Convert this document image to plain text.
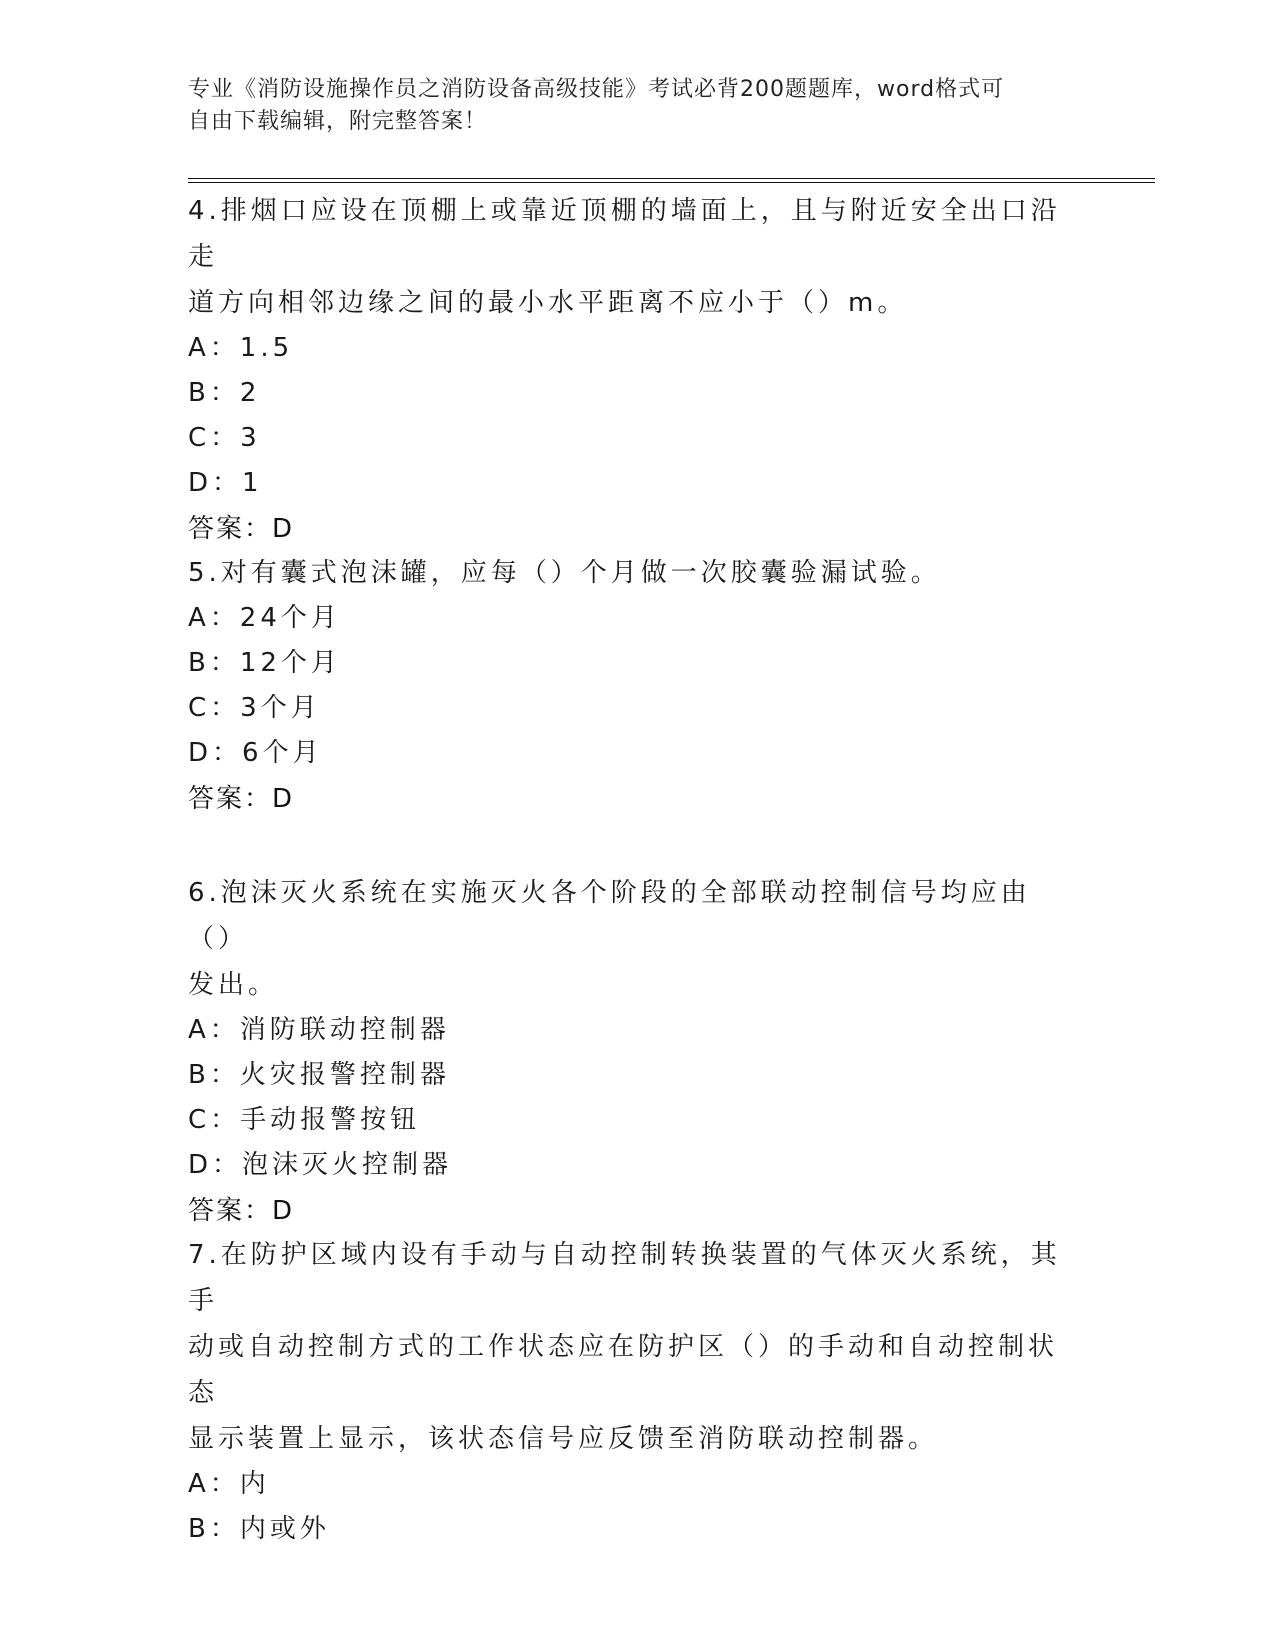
专业《消防设施操作员之消防设备高级技能》考试必背200题题库，word格式可
自由下载编辑，附完整答案！
4.排烟口应设在顶棚上或靠近顶棚的墙面上，且与附近安全出口沿走
道方向相邻边缘之间的最小水平距离不应小于（）m。
A：1.5
B：2
C：3
D：1
答案：D
5.对有囊式泡沫罐，应每（）个月做一次胶囊验漏试验。
A：24个月
B：12个月
C：3个月
D：6个月
答案：D
6.泡沫灭火系统在实施灭火各个阶段的全部联动控制信号均应由（）
发出。
A：消防联动控制器
B：火灾报警控制器
C：手动报警按钮
D：泡沫灭火控制器
答案：D
7.在防护区域内设有手动与自动控制转换装置的气体灭火系统，其手
动或自动控制方式的工作状态应在防护区（）的手动和自动控制状态
显示装置上显示，该状态信号应反馈至消防联动控制器。
A：内
B：内或外
